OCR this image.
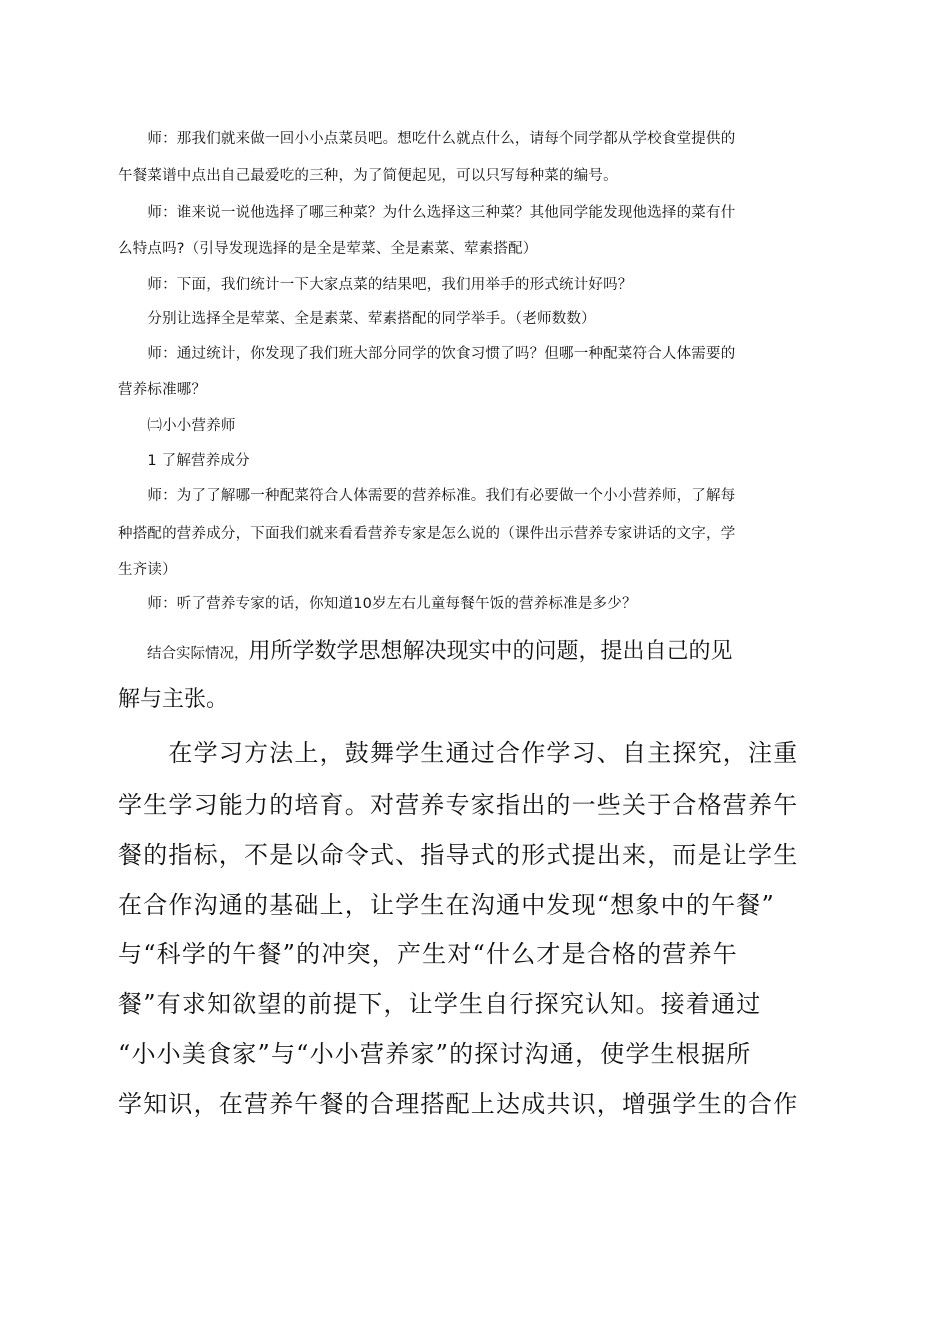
　　师：那我们就来做一回小小点菜员吧。想吃什么就点什么，请每个同学都从学校食堂提供的
午餐菜谱中点出自己最爱吃的三种，为了简便起见，可以只写每种菜的编号。
　　师：谁来说一说他选择了哪三种菜？为什么选择这三种菜？其他同学能发现他选择的菜有什
么特点吗?（引导发现选择的是全是荤菜、全是素菜、荤素搭配）
　　师：下面，我们统计一下大家点菜的结果吧，我们用举手的形式统计好吗？
　　分别让选择全是荤菜、全是素菜、荤素搭配的同学举手。（老师数数）
　　师：通过统计，你发现了我们班大部分同学的饮食习惯了吗？但哪一种配菜符合人体需要的
营养标准哪？
　　㈡小小营养师
　　1 了解营养成分
　　师：为了了解哪一种配菜符合人体需要的营养标准。我们有必要做一个小小营养师，了解每
种搭配的营养成分，下面我们就来看看营养专家是怎么说的（课件出示营养专家讲话的文字，学
生齐读）
　　师：听了营养专家的话，你知道10岁左右儿童每餐午饭的营养标准是多少？
　　结合实际情况，用所学数学思想解决现实中的问题，提出自己的见
解与主张。
　　在学习方法上，鼓舞学生通过合作学习、自主探究，注重
学生学习能力的培育。对营养专家指出的一些关于合格营养午
餐的指标，不是以命令式、指导式的形式提出来，而是让学生
在合作沟通的基础上，让学生在沟通中发现“想象中的午餐”
与“科学的午餐”的冲突，产生对“什么才是合格的营养午
餐”有求知欲望的前提下，让学生自行探究认知。接着通过
“小小美食家”与“小小营养家”的探讨沟通，使学生根据所
学知识，在营养午餐的合理搭配上达成共识，增强学生的合作
